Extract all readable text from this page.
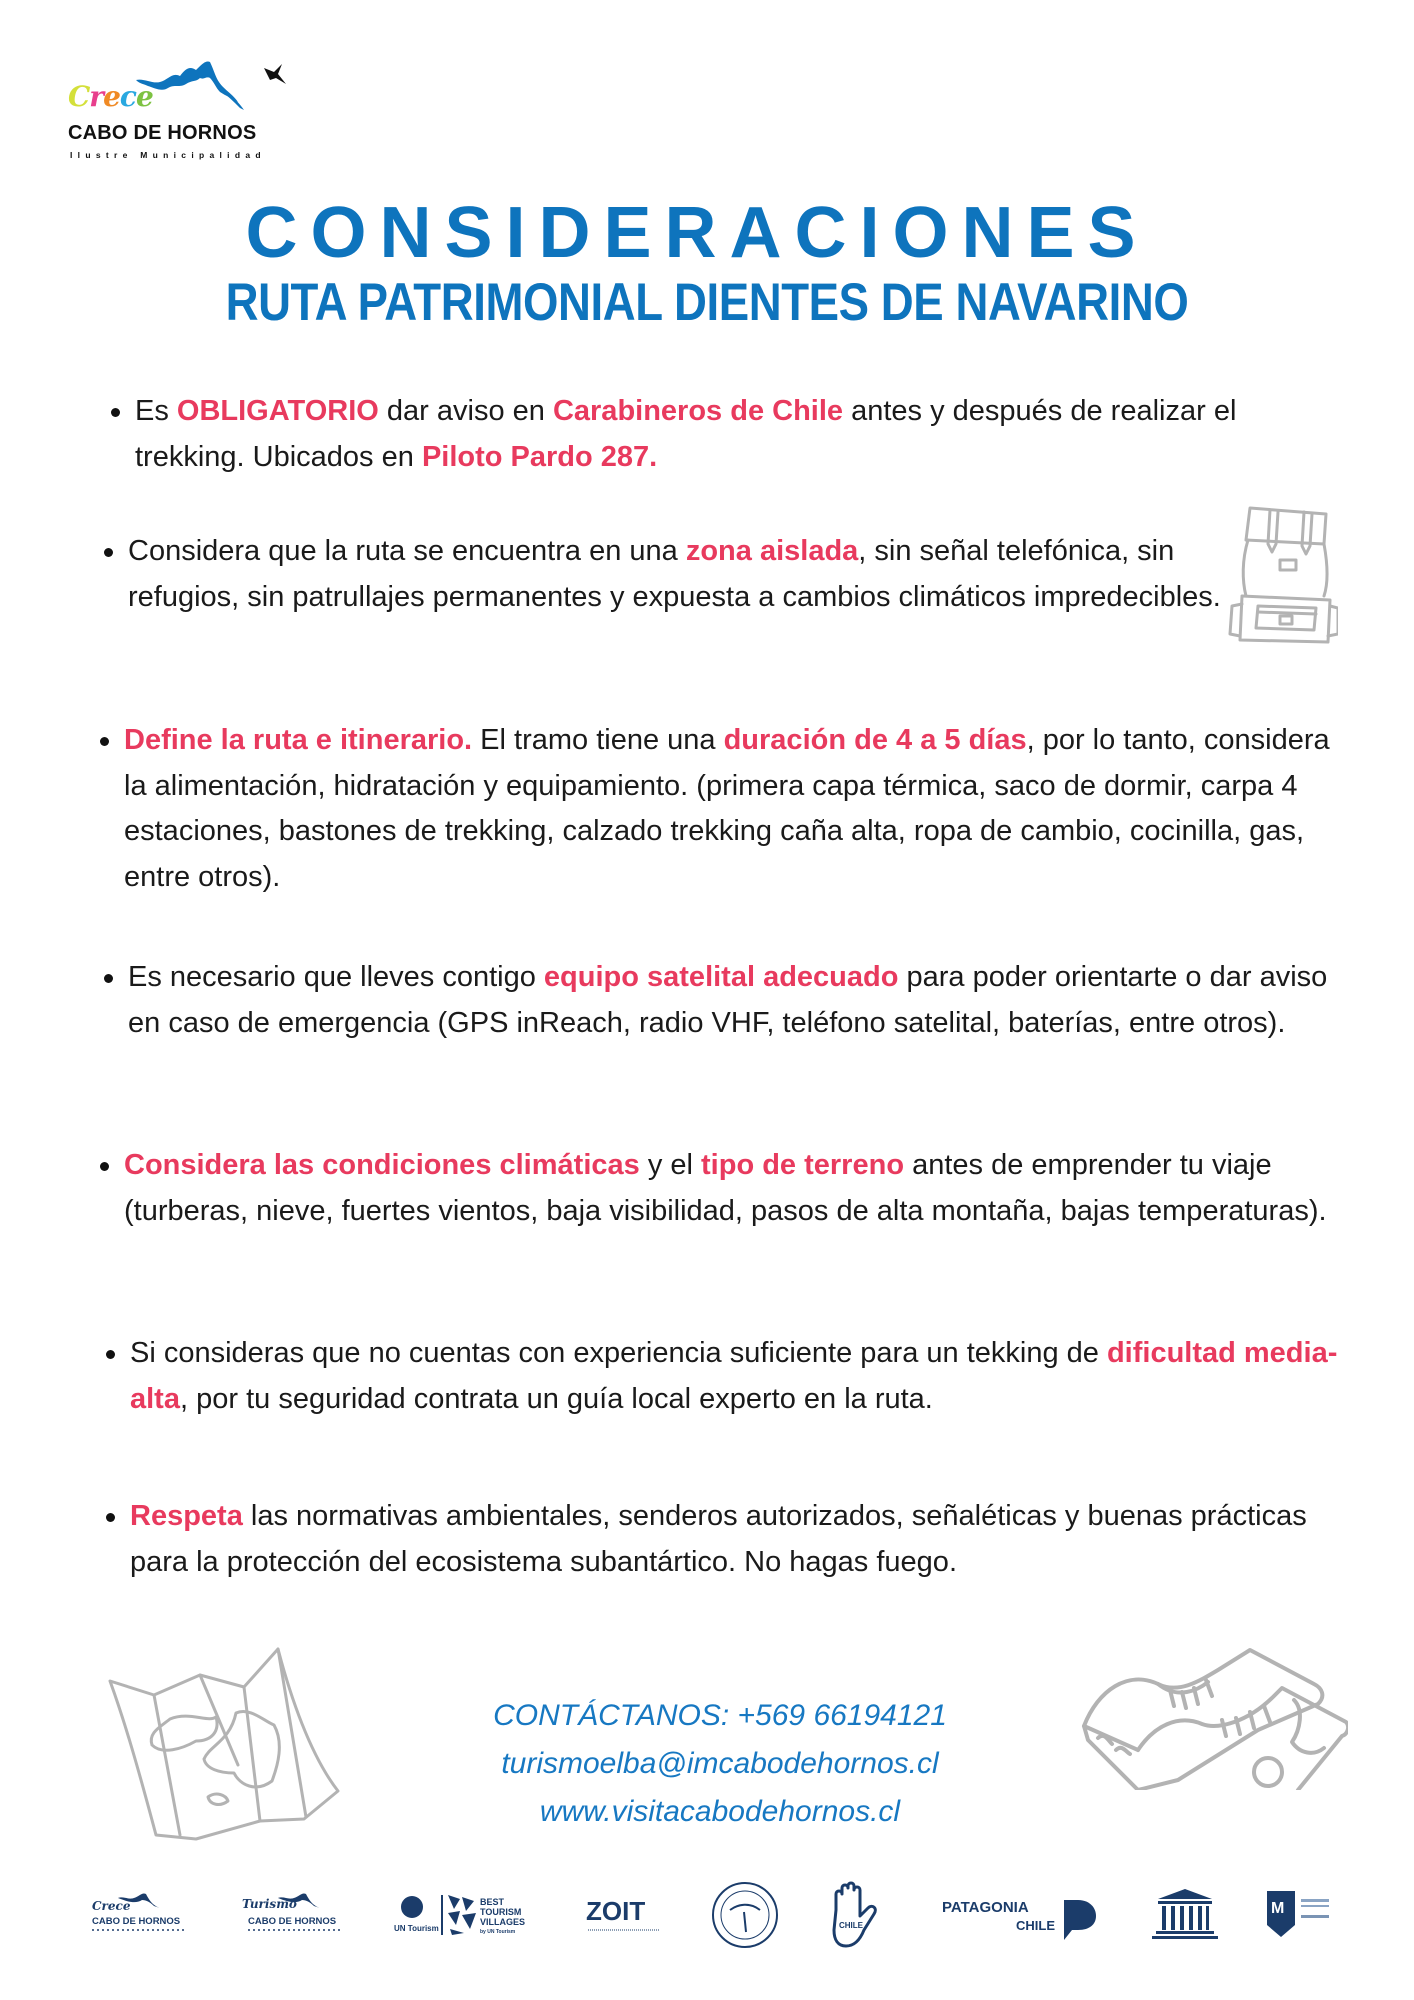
Crece
CABO DE HORNOS
Ilustre Municipalidad
CONSIDERACIONES
RUTA PATRIMONIAL DIENTES DE NAVARINO
Es OBLIGATORIO dar aviso en Carabineros de Chile antes y después de realizar el trekking. Ubicados en Piloto Pardo 287.
Considera que la ruta se encuentra en una zona aislada, sin señal telefónica, sin refugios, sin patrullajes permanentes y expuesta a cambios climáticos impredecibles.
Define la ruta e itinerario. El tramo tiene una duración de 4 a 5 días, por lo tanto, considera la alimentación, hidratación y equipamiento. (primera capa térmica, saco de dormir, carpa 4 estaciones, bastones de trekking, calzado trekking caña alta, ropa de cambio, cocinilla, gas, entre otros).
Es necesario que lleves contigo equipo satelital adecuado para poder orientarte o dar aviso en caso de emergencia (GPS inReach, radio VHF, teléfono satelital, baterías, entre otros).
Considera las condiciones climáticas y el tipo de terreno antes de emprender tu viaje (turberas, nieve, fuertes vientos, baja visibilidad, pasos de alta montaña, bajas temperaturas).
Si consideras que no cuentas con experiencia suficiente para un tekking de dificultad media-alta, por tu seguridad contrata un guía local experto en la ruta.
Respeta las normativas ambientales, senderos autorizados, señaléticas y buenas prácticas para la protección del ecosistema subantártico. No hagas fuego.
CONTÁCTANOS: +569 66194121
turismoelba@imcabodehornos.cl
www.visitacabodehornos.cl
Crece
CABO DE HORNOS
Turismo
CABO DE HORNOS
UN Tourism
BEST
TOURISM
VILLAGES
by UN Tourism
ZOIT	CHILE
PATAGONIA
CHILE
M
